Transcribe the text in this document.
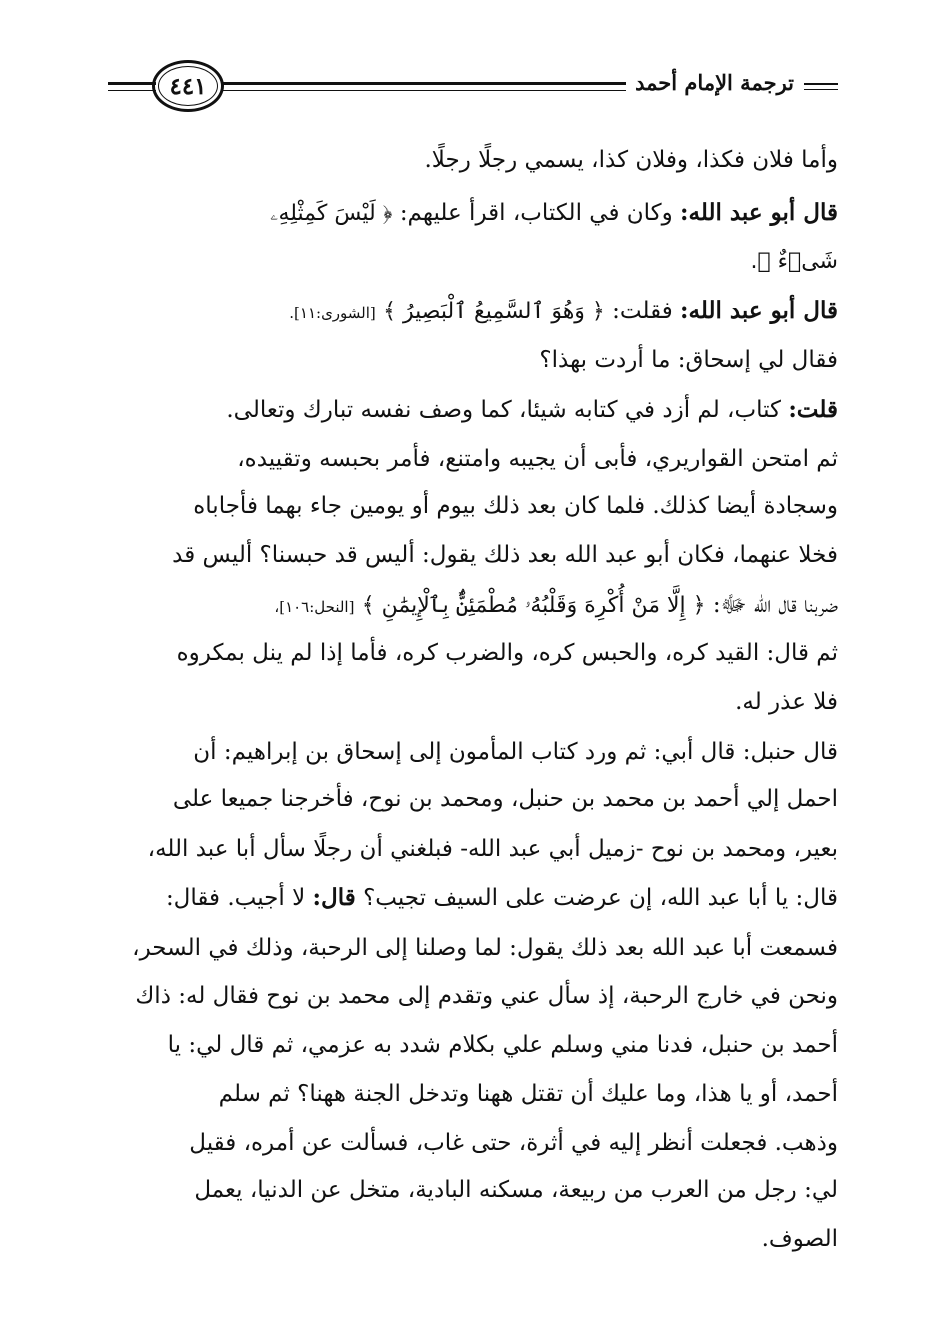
ترجمة الإمام أحمد
٤٤١
وأما فلان فكذا، وفلان كذا، يسمي رجلًا رجلًا.
قال أبو عبد الله: وكان في الكتاب، اقرأ عليهم: ﴿ لَيْسَ كَمِثْلِهِۦ
شَىۡءٌ ﴾.
قال أبو عبد الله: فقلت: ﴿ وَهُوَ ٱلسَّمِيعُ ٱلْبَصِيرُ ﴾ [الشورى:١١].
فقال لي إسحاق: ما أردت بهذا؟
قلت: كتاب، لم أزد في كتابه شيئا، كما وصف نفسه تبارك وتعالى.
ثم امتحن القواريري، فأبى أن يجيبه وامتنع، فأمر بحبسه وتقييده،
وسجادة أيضا كذلك. فلما كان بعد ذلك بيوم أو يومين جاء بهما فأجاباه
فخلا عنهما، فكان أبو عبد الله بعد ذلك يقول: أليس قد حبسنا؟ أليس قد
ضربنا قال الله ﷻ: ﴿ إِلَّا مَنْ أُكْرِهَ وَقَلْبُهُۥ مُطْمَئِنٌّۢ بِٱلْإِيمَٰنِ ﴾ [النحل:١٠٦]،
ثم قال: القيد كره، والحبس كره، والضرب كره، فأما إذا لم ينل بمكروه
فلا عذر له.
قال حنبل: قال أبي: ثم ورد كتاب المأمون إلى إسحاق بن إبراهيم: أن
احمل إلي أحمد بن محمد بن حنبل، ومحمد بن نوح، فأخرجنا جميعا على
بعير، ومحمد بن نوح -زميل أبي عبد الله- فبلغني أن رجلًا سأل أبا عبد الله،
قال: يا أبا عبد الله، إن عرضت على السيف تجيب؟ قال: لا أجيب. فقال:
فسمعت أبا عبد الله بعد ذلك يقول: لما وصلنا إلى الرحبة، وذلك في السحر،
ونحن في خارج الرحبة، إذ سأل عني وتقدم إلى محمد بن نوح فقال له: ذاك
أحمد بن حنبل، فدنا مني وسلم علي بكلام شدد به عزمي، ثم قال لي: يا
أحمد، أو يا هذا، وما عليك أن تقتل ههنا وتدخل الجنة ههنا؟ ثم سلم
وذهب. فجعلت أنظر إليه في أثرة، حتى غاب، فسألت عن أمره، فقيل
لي: رجل من العرب من ربيعة، مسكنه البادية، متخل عن الدنيا، يعمل
الصوف.
